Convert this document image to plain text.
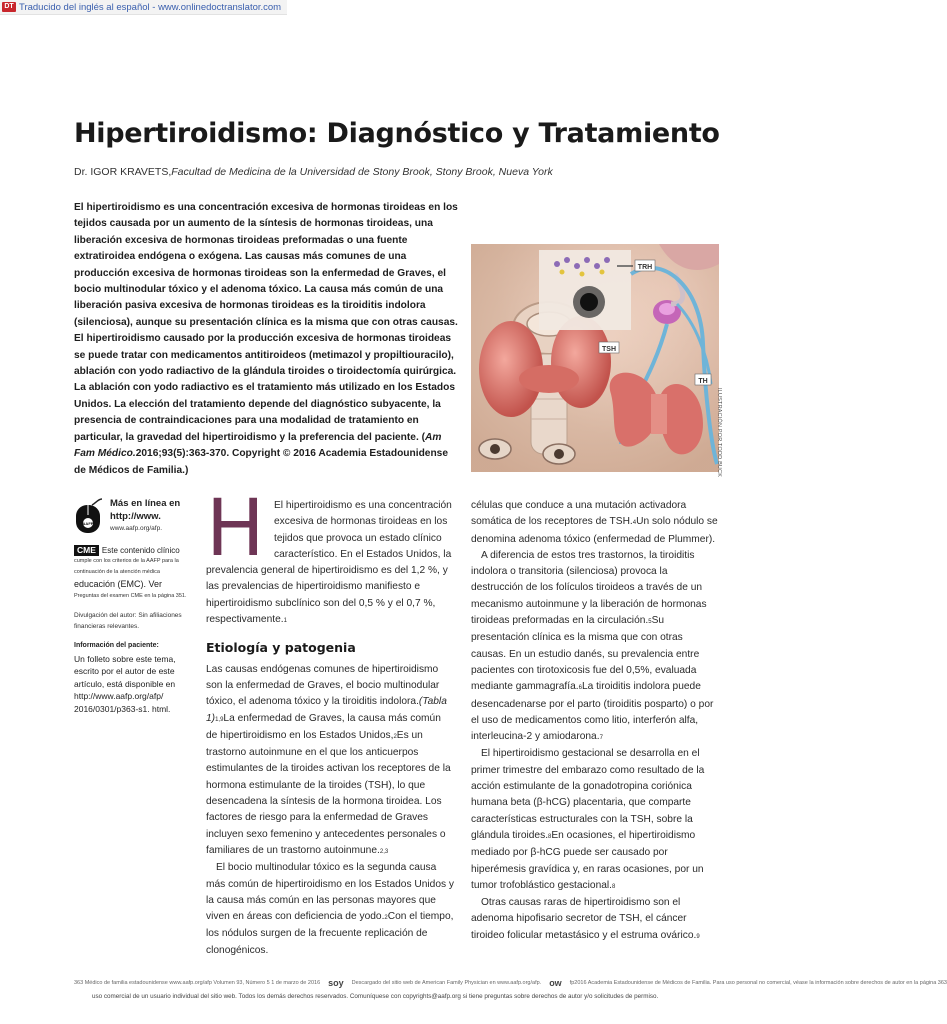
DT Traducido del inglés al español - www.onlinedoctranslator.com
Hipertiroidismo: Diagnóstico y Tratamiento
Dr. IGOR KRAVETS,Facultad de Medicina de la Universidad de Stony Brook, Stony Brook, Nueva York

El hipertiroidismo es una concentración excesiva de hormonas tiroideas en los tejidos causada por un aumento de la síntesis de hormonas tiroideas, una liberación excesiva de hormonas tiroideas preformadas o una fuente extratiroidea endógena o exógena. Las causas más comunes de una producción excesiva de hormonas tiroideas son la enfermedad de Graves, el bocio multinodular tóxico y el adenoma tóxico. La causa más común de una liberación pasiva excesiva de hormonas tiroideas es la tiroiditis indolora (silenciosa), aunque su presentación clínica es la misma que con otras causas. El hipertiroidismo causado por la producción excesiva de hormonas tiroideas se puede tratar con medicamentos antitiroideos (metimazol y propiltiouracilo), ablación con yodo radiactivo de la glándula tiroides o tiroidectomía quirúrgica. La ablación con yodo radiactivo es el tratamiento más utilizado en los Estados Unidos. La elección del tratamiento depende del diagnóstico subyacente, la presencia de contraindicaciones para una modalidad de tratamiento en particular, la gravedad del hipertiroidismo y la preferencia del paciente. (Am Fam Médico.2016;93(5):363-370. Copyright © 2016 Academia Estadounidense de Médicos de Familia.)

TRH
TSH
TH
ILUSTRACIÓN POR TODD BUCK
AAFP
Más en línea en http://www.
www.aafp.org/afp.
CME Este contenido clínico
cumple con los criterios de la AAFP para la continuación de la atención médica
educación (EMC). Ver
Preguntas del examen CME en la página 351.
Divulgación del autor: Sin afiliaciones financieras relevantes.
Información del paciente:
Un folleto sobre este tema, escrito por el autor de este artículo, está disponible en http://www.aafp.org/afp/ 2016/0301/p363-s1. html.
H El hipertiroidismo es una concentración excesiva de hormonas tiroideas en los tejidos que provoca un estado clínico característico. En el Estados Unidos, la prevalencia general de hipertiroidismo es del 1,2 %, y las prevalencias de hipertiroidismo manifiesto e hipertiroidismo subclínico son del 0,5 % y el 0,7 %, respectivamente.1

Etiología y patogenia

Las causas endógenas comunes de hipertiroidismo son la enfermedad de Graves, el bocio multinodular tóxico, el adenoma tóxico y la tiroiditis indolora.(Tabla 1)1,9La enfermedad de Graves, la causa más común de hipertiroidismo en los Estados Unidos,2Es un trastorno autoinmune en el que los anticuerpos estimulantes de la tiroides activan los receptores de la hormona estimulante de la tiroides (TSH), lo que desencadena la síntesis de la hormona tiroidea. Los factores de riesgo para la enfermedad de Graves incluyen sexo femenino y antecedentes personales o familiares de un trastorno autoinmune.2,3

El bocio multinodular tóxico es la segunda causa más común de hipertiroidismo en los Estados Unidos y la causa más común en las personas mayores que viven en áreas con deficiencia de yodo.2Con el tiempo, los nódulos surgen de la frecuente replicación de clonogénicos.

células que conduce a una mutación activadora somática de los receptores de TSH.4Un solo nódulo se denomina adenoma tóxico (enfermedad de Plummer).

A diferencia de estos tres trastornos, la tiroiditis indolora o transitoria (silenciosa) provoca la destrucción de los folículos tiroideos a través de un mecanismo autoinmune y la liberación de hormonas tiroideas preformadas en la circulación.5Su presentación clínica es la misma que con otras causas. En un estudio danés, su prevalencia entre pacientes con tirotoxicosis fue del 0,5%, evaluada mediante gammagrafía.6La tiroiditis indolora puede desencadenarse por el parto (tiroiditis posparto) o por el uso de medicamentos como litio, interferón alfa, interleucina-2 y amiodarona.7

El hipertiroidismo gestacional se desarrolla en el primer trimestre del embarazo como resultado de la acción estimulante de la gonadotropina coriónica humana beta (β-hCG) placentaria, que comparte características estructurales con la TSH, sobre la glándula tiroides.8En ocasiones, el hipertiroidismo mediado por β-hCG puede ser causado por hiperémesis gravídica y, en raras ocasiones, por un tumor trofoblástico gestacional.8

Otras causas raras de hipertiroidismo son el adenoma hipofisario secretor de TSH, el cáncer tiroideo folicular metastásico y el estruma ovárico.9

363 Médico de familia estadounidense www.aafp.org/afp Volumen 93, Número 5 1 de marzo de 2016 soy Descargado del sitio web de American Family Physician en www.aafp.org/afp. ow fp2016 Academia Estadounidense de Médicos de Familia. Para uso personal no comercial, véase la información sobre derechos de autor en la página 363
uso comercial de un usuario individual del sitio web. Todos los demás derechos reservados. Comuníquese con copyrights@aafp.org si tiene preguntas sobre derechos de autor y/o solicitudes de permiso.
